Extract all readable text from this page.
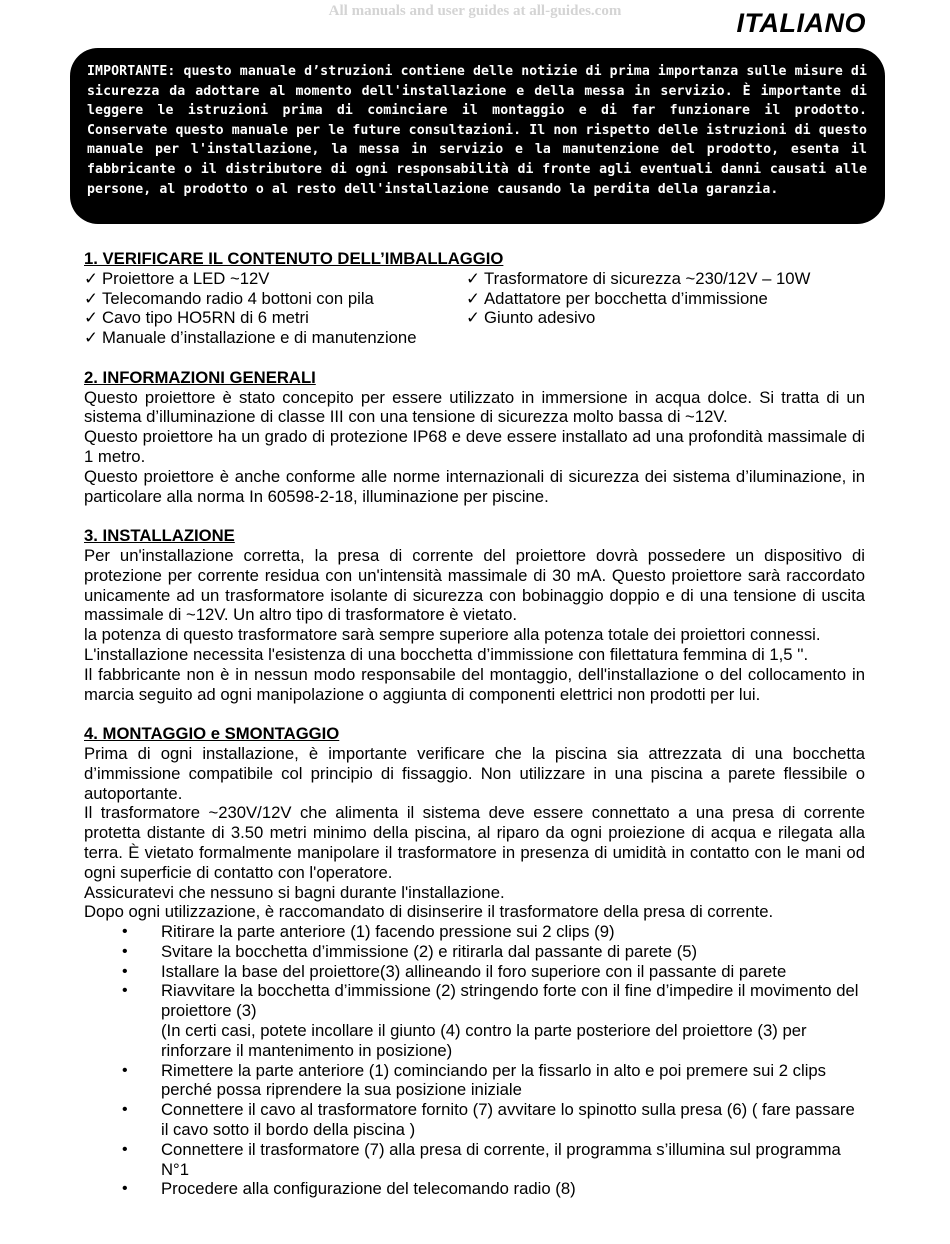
All manuals and user guides at all-guides.com	ITALIANO
IMPORTANTE: questo manuale d’struzioni contiene delle notizie di prima importanza sulle misure di sicurezza da adottare al momento dell'installazione e della messa in servizio. È importante di leggere le istruzioni prima di cominciare il montaggio e di far funzionare il prodotto. Conservate questo manuale per le future consultazioni. Il non rispetto delle istruzioni di questo manuale per l'installazione, la messa in servizio e la manutenzione del prodotto, esenta il fabbricante o il distributore di ogni responsabilità di fronte agli eventuali danni causati alle persone, al prodotto o al resto dell'installazione causando la perdita della garanzia.
1. VERIFICARE IL CONTENUTO DELL’IMBALLAGGIO
✓ Proiettore a LED ~12V
✓ Telecomando radio 4 bottoni con pila
✓ Cavo tipo HO5RN di 6 metri
✓ Manuale d’installazione e di manutenzione
✓ Trasformatore di sicurezza ~230/12V – 10W
✓ Adattatore per bocchetta d’immissione
✓ Giunto adesivo
2. INFORMAZIONI GENERALI

Questo proiettore è stato concepito per essere utilizzato in immersione in acqua dolce. Si tratta di un sistema d’illuminazione di classe III con una tensione di sicurezza molto bassa di ~12V.

Questo proiettore ha un grado di protezione IP68 e deve essere installato ad una profondità massimale di 1 metro.

Questo proiettore è anche conforme alle norme internazionali di sicurezza dei sistema d’iluminazione, in particolare alla norma In 60598-2-18, illuminazione per piscine.

3. INSTALLAZIONE

Per un'installazione corretta, la presa di corrente del proiettore dovrà possedere un dispositivo di protezione per corrente residua con un'intensità massimale di 30 mA. Questo proiettore sarà raccordato unicamente ad un trasformatore isolante di sicurezza con bobinaggio doppio e di una tensione di uscita massimale di ~12V. Un altro tipo di trasformatore è vietato.

la potenza di questo trasformatore sarà sempre superiore alla potenza totale dei proiettori connessi.

L'installazione necessita l'esistenza di una bocchetta d’immissione con filettatura femmina di 1,5 ''.

Il fabbricante non è in nessun modo responsabile del montaggio, dell'installazione o del collocamento in marcia seguito ad ogni manipolazione o aggiunta di componenti elettrici non prodotti per lui.

4. MONTAGGIO e SMONTAGGIO

Prima di ogni installazione, è importante verificare che la piscina sia attrezzata di una bocchetta d’immissione compatibile col principio di fissaggio. Non utilizzare in una piscina a parete flessibile o autoportante.

Il trasformatore ~230V/12V che alimenta il sistema deve essere connettato a una presa di corrente protetta distante di 3.50 metri minimo della piscina, al riparo da ogni proiezione di acqua e rilegata alla terra. È vietato formalmente manipolare il trasformatore in presenza di umidità in contatto con le mani od ogni superficie di contatto con l'operatore.

Assicuratevi che nessuno si bagni durante l'installazione.

Dopo ogni utilizzazione, è raccomandato di disinserire il trasformatore della presa di corrente.

• Ritirare la parte anteriore (1) facendo pressione sui 2 clips (9)
• Svitare la bocchetta d’immissione (2) e ritirarla dal passante di parete (5)
• Istallare la base del proiettore(3) allineando il foro superiore con il passante di parete
• Riavvitare la bocchetta d’immissione (2) stringendo forte con il fine d’impedire il movimento del proiettore (3)
(In certi casi, potete incollare il giunto (4) contro la parte posteriore del proiettore (3) per rinforzare il mantenimento in posizione)
• Rimettere la parte anteriore (1) cominciando per la fissarlo in alto e poi premere sui 2 clips perché possa riprendere la sua posizione iniziale
• Connettere il cavo al trasformatore fornito (7) avvitare lo spinotto sulla presa (6) ( fare passare il cavo sotto il bordo della piscina )
• Connettere il trasformatore (7) alla presa di corrente, il programma s’illumina sul programma N°1
• Procedere alla configurazione del telecomando radio (8)
